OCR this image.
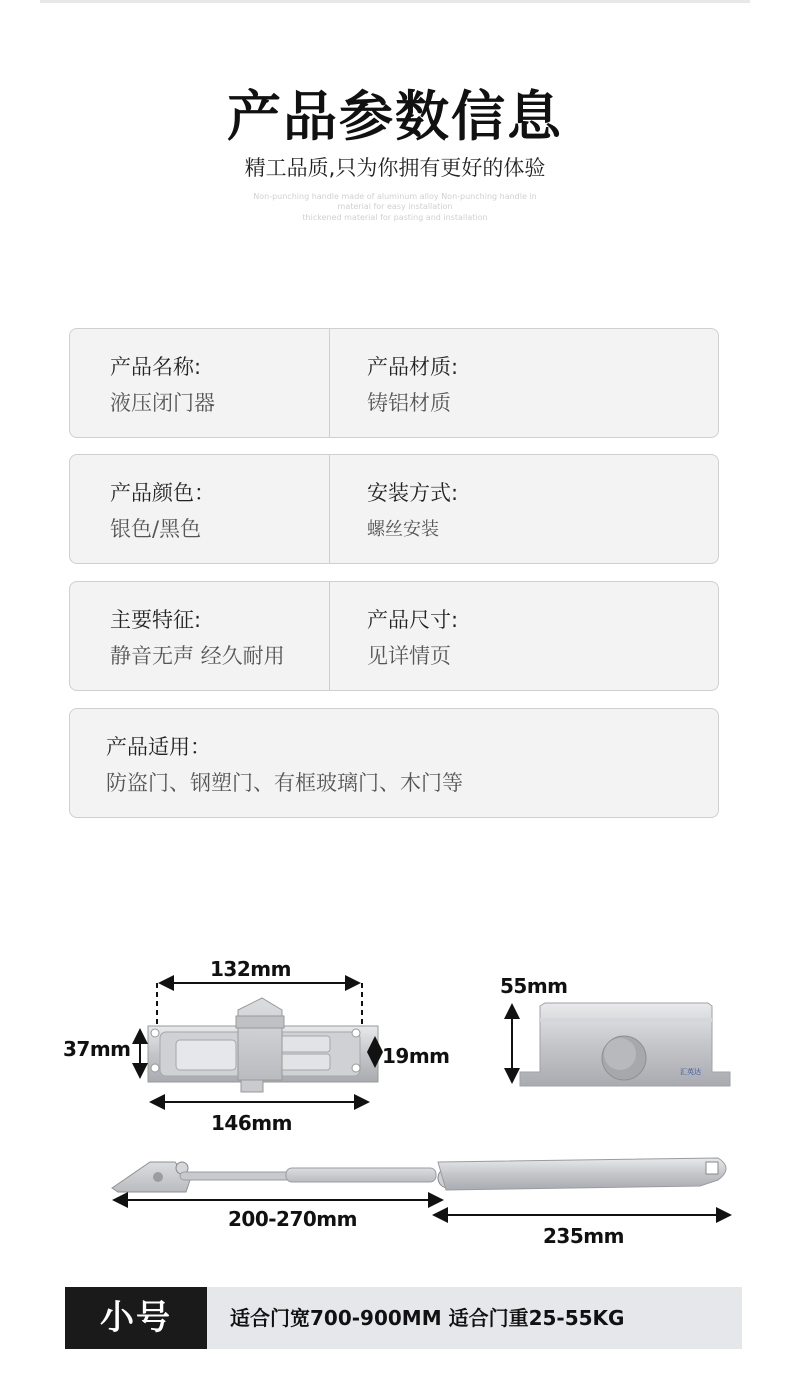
产品参数信息
精工品质,只为你拥有更好的体验
Non-punching handle made of aluminum alloy Non-punching handle in
material for easy installation
thickened material for pasting and installation
产品名称:
液压闭门器
产品材质:
铸铝材质
产品颜色：
银色/黑色
安装方式:
螺丝安装
主要特征:
静音无声 经久耐用
产品尺寸:
见详情页
产品适用：
防盗门、钢塑门、有框玻璃门、木门等
132mm
37mm	19mm
146mm
55mm
200-270mm
235mm
汇英达
小号	适合门宽700-900MM 适合门重25-55KG
